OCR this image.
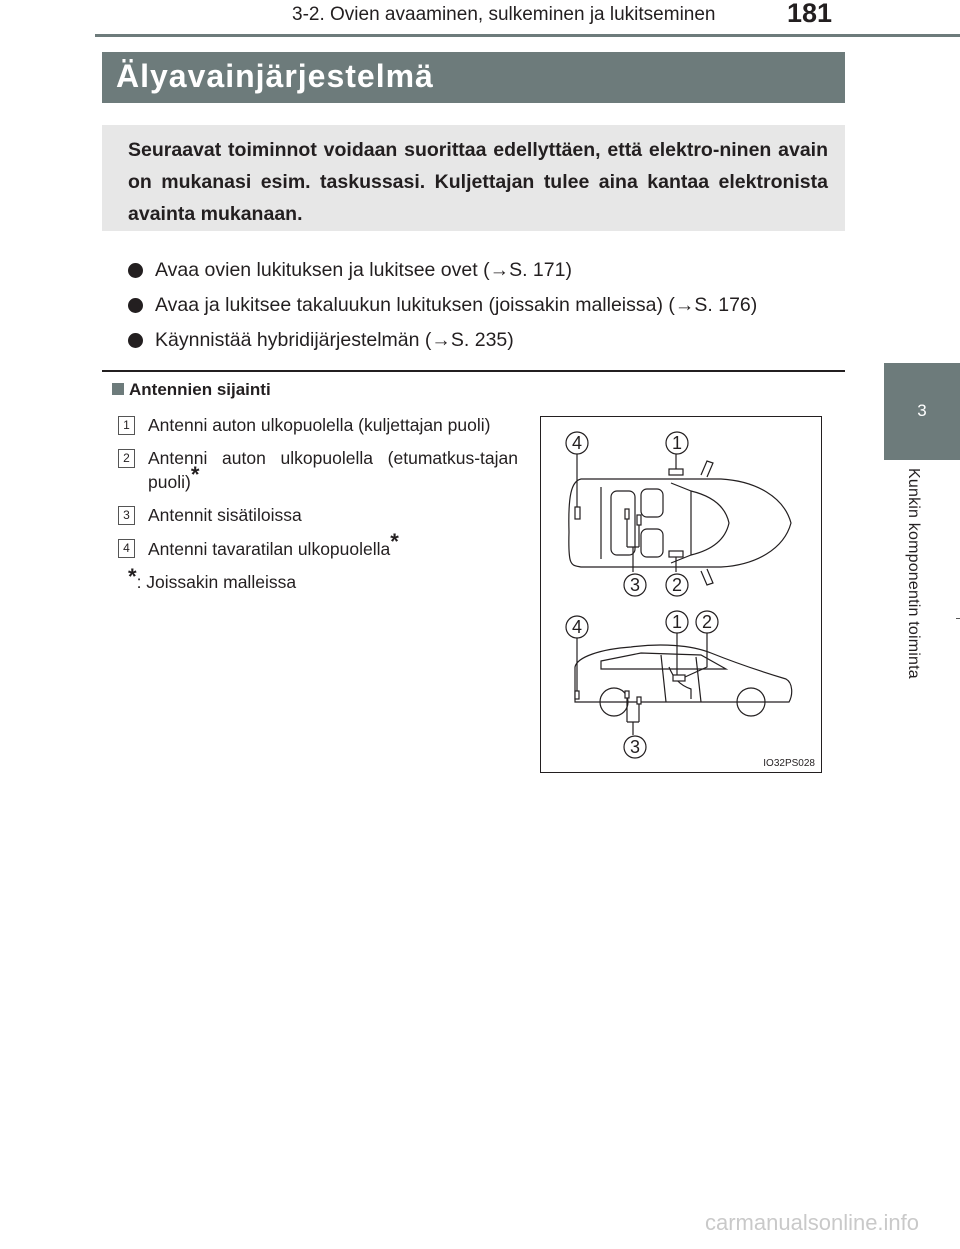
3-2. Ovien avaaminen, sulkeminen ja lukitseminen	181
3
Kunkin komponentin toiminta
Älyavainjärjestelmä

Seuraavat toiminnot voidaan suorittaa edellyttäen, että elektro-ninen avain on mukanasi esim. taskussasi. Kuljettajan tulee aina kantaa elektronista avainta mukanaan.

Avaa ovien lukituksen ja lukitsee ovet (→S. 171)
Avaa ja lukitsee takaluukun lukituksen (joissakin malleissa) (→S. 176)
Käynnistää hybridijärjestelmän (→S. 235)
Antennien sijainti
1 Antenni auton ulkopuolella (kuljettajan puoli)
2 Antenni auton ulkopuolella (etumatkus-tajan puoli)*
3 Antennit sisätiloissa
4 Antenni tavaratilan ulkopuolella*
*: Joissakin malleissa
4	1
3 2
4	1 2
3
IO32PS028
carmanualsonline.info
